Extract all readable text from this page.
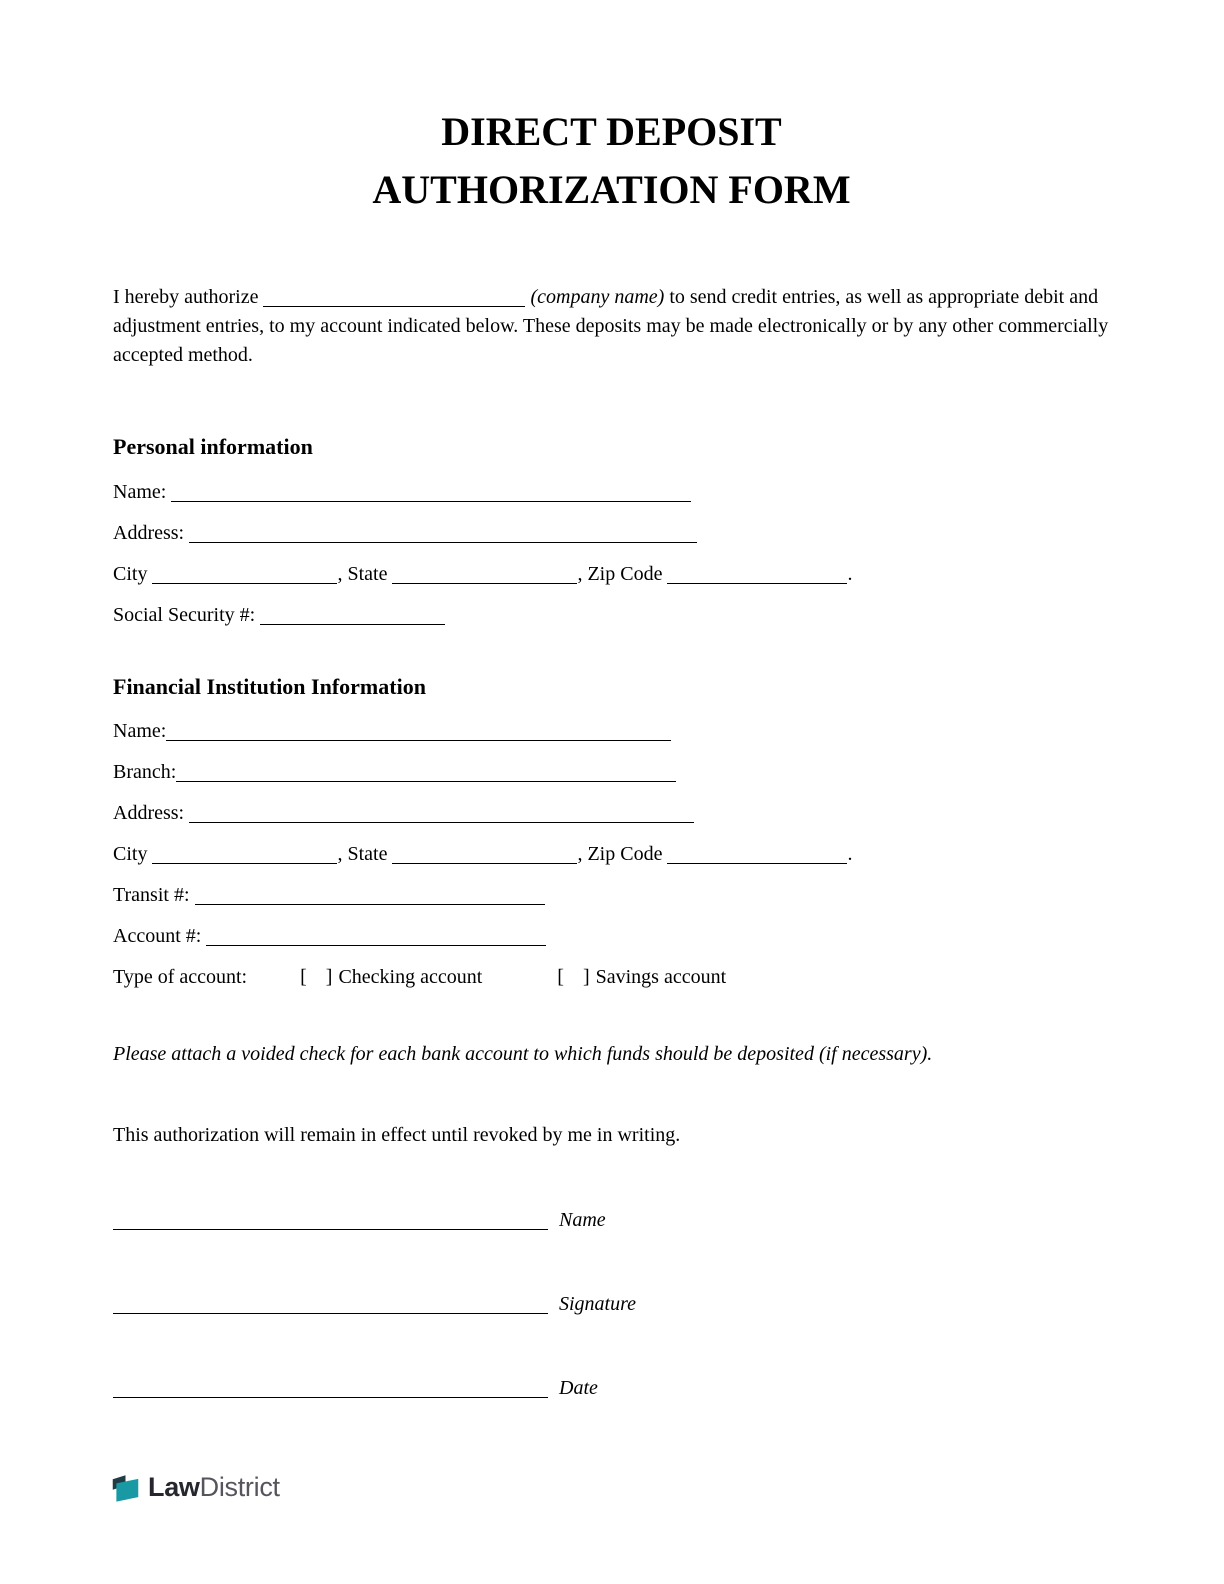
DIRECT DEPOSIT
AUTHORIZATION FORM

I hereby authorize	(company name) to send credit entries, as well as appropriate debit and adjustment entries, to my account indicated below. These deposits may be made electronically or by any other commercially accepted method.

Personal information
Name:
Address:
City	, State	, Zip Code	.
Social Security #:
Financial Institution Information
Name:
Branch:
Address:
City	, State	, Zip Code	.
Transit #:
Account #:
Type of account:	[   ] Checking account	[   ] Savings account

Please attach a voided check for each bank account to which funds should be deposited (if necessary).

This authorization will remain in effect until revoked by me in writing.

Name
Signature
Date
LawDistrict
